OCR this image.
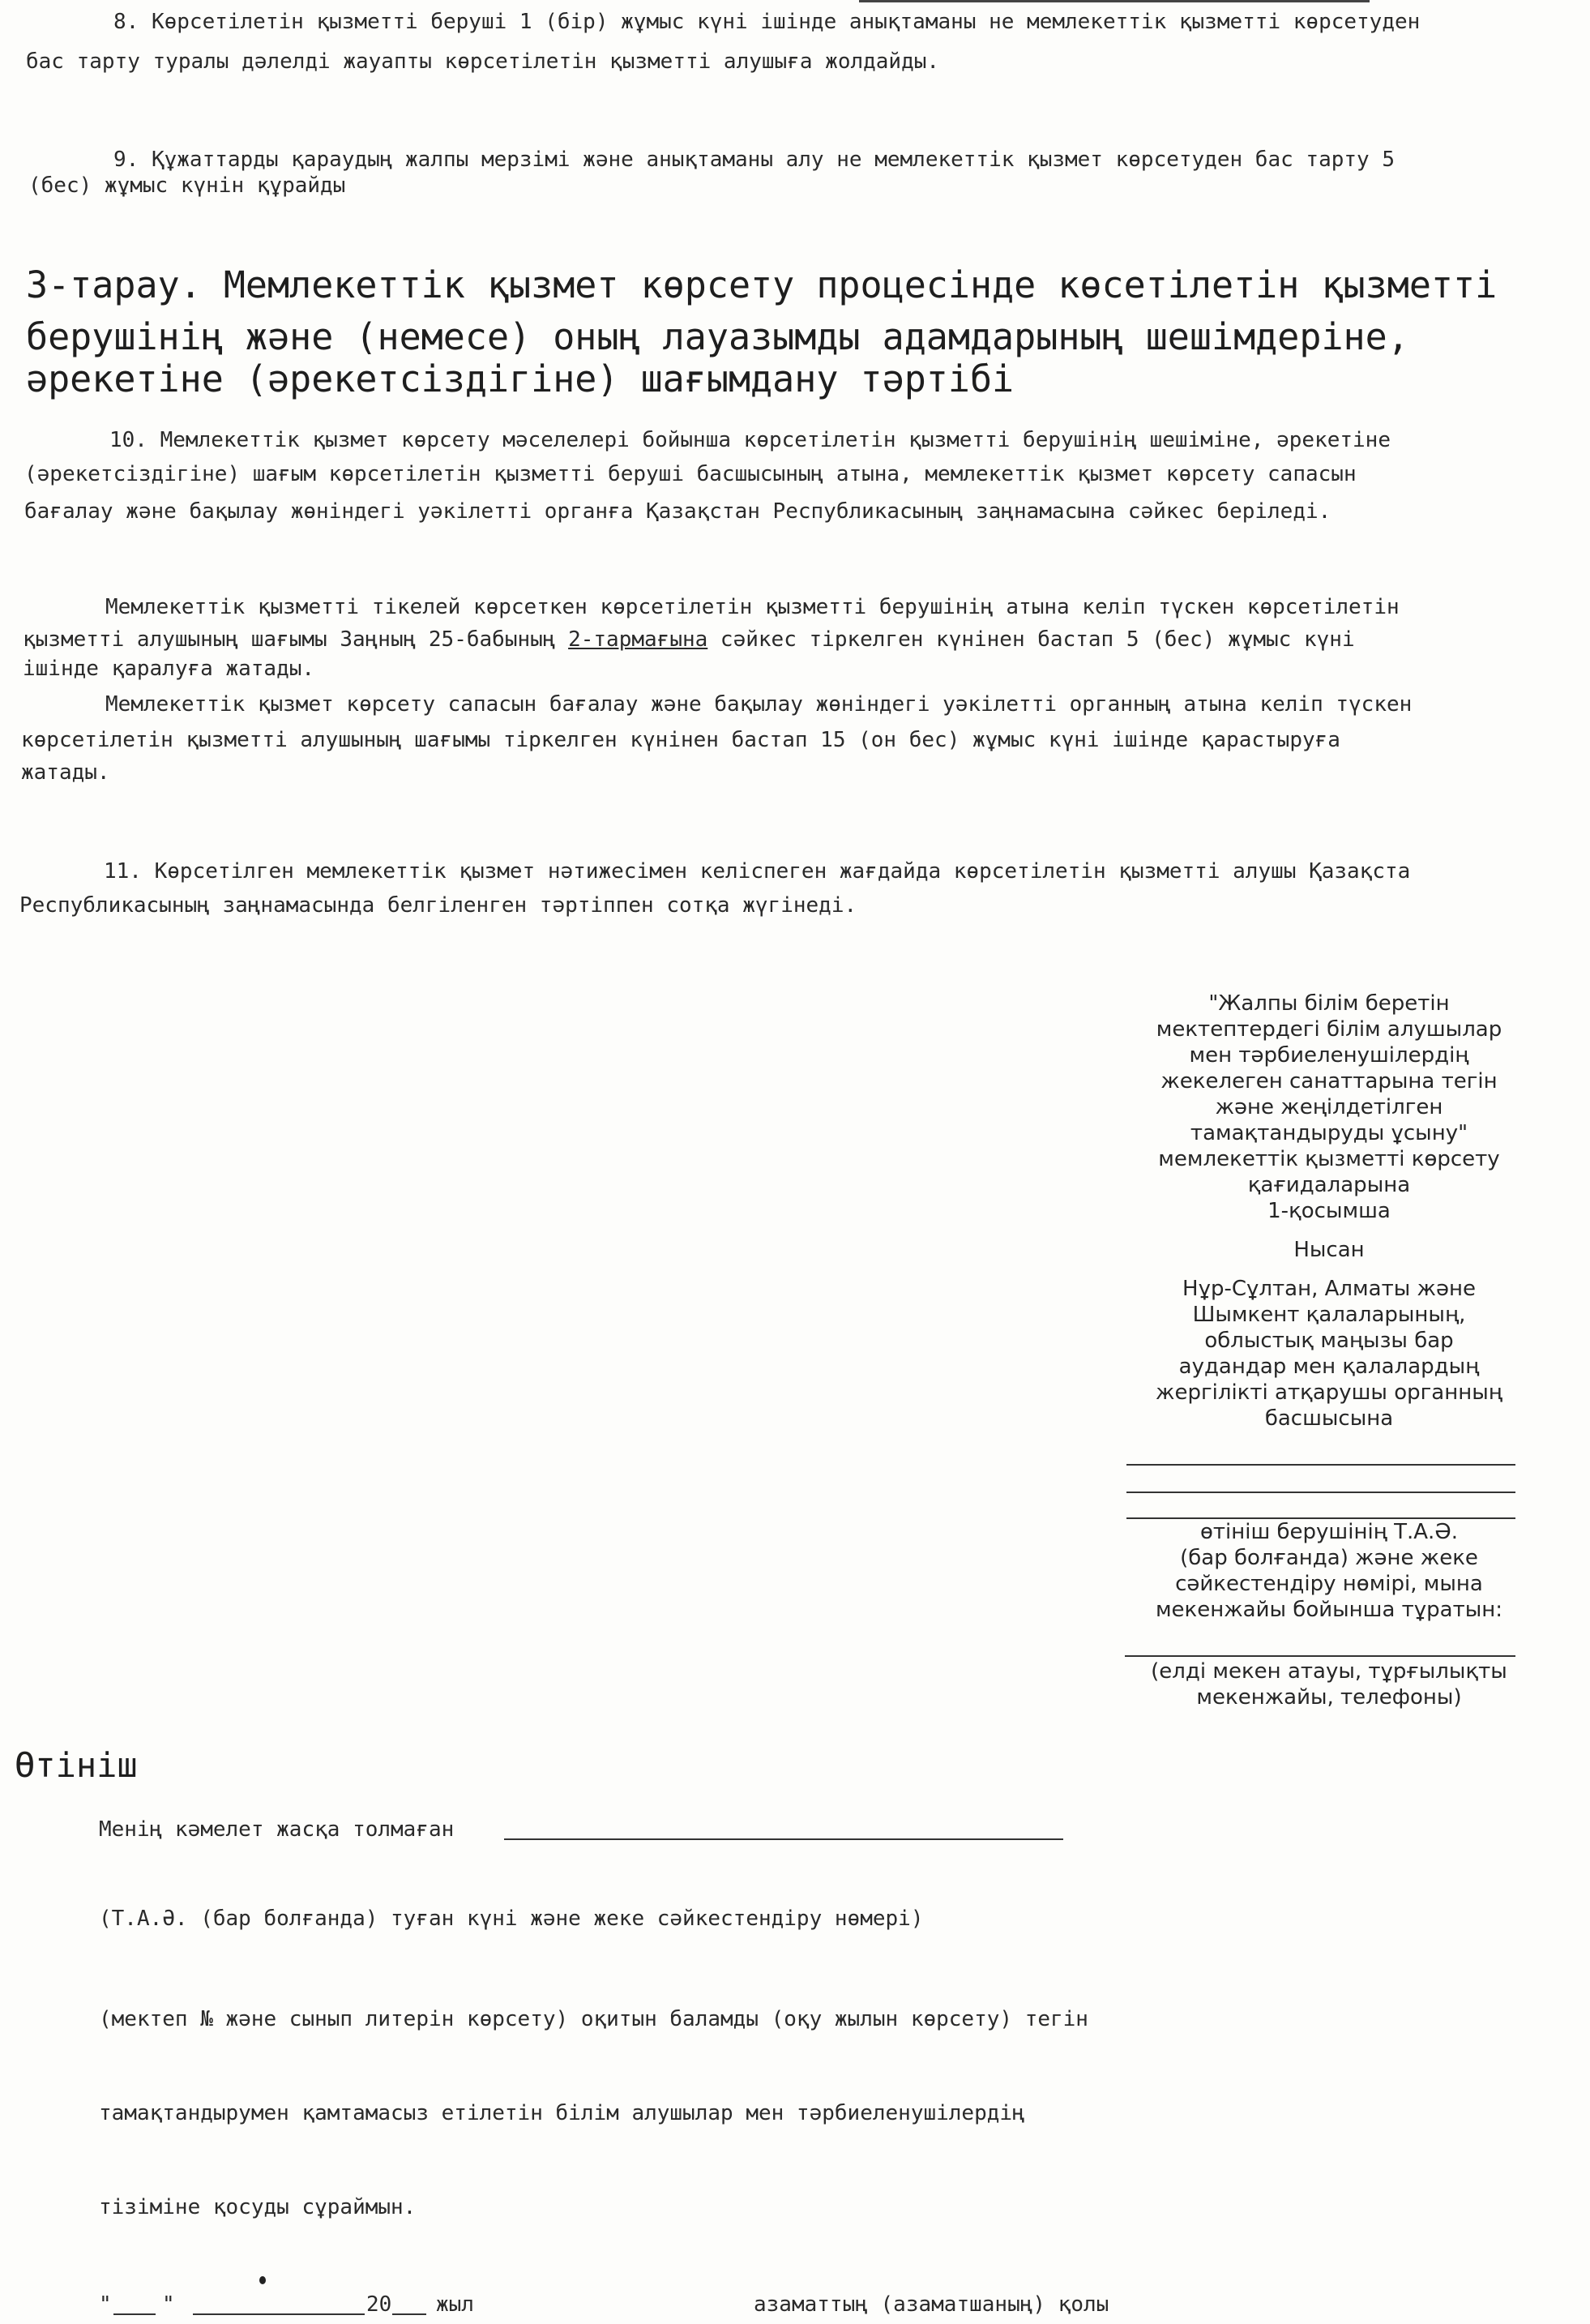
8. Көрсетілетін қызметті беруші 1 (бір) жұмыс күні ішінде анықтаманы не мемлекеттік қызметті көрсетуден
бас тарту туралы дәлелді жауапты көрсетілетін қызметті алушыға жолдайды.
9. Құжаттарды қараудың жалпы мерзімі және анықтаманы алу не мемлекеттік қызмет көрсетуден бас тарту 5
(бес) жұмыс күнін құрайды
3-тарау. Мемлекеттік қызмет көрсету процесінде көсетілетін қызметті
берушінің және (немесе) оның лауазымды адамдарының шешімдеріне,
әрекетіне (әрекетсіздігіне) шағымдану тәртібі
10. Мемлекеттік қызмет көрсету мәселелері бойынша көрсетілетін қызметті берушінің шешіміне, әрекетіне
(әрекетсіздігіне) шағым көрсетілетін қызметті беруші басшысының атына, мемлекеттік қызмет көрсету сапасын
бағалау және бақылау жөніндегі уәкілетті органға Қазақстан Республикасының заңнамасына сәйкес беріледі.
Мемлекеттік қызметті тікелей көрсеткен көрсетілетін қызметті берушінің атына келіп түскен көрсетілетін
қызметті алушының шағымы Заңның 25-бабының 2-тармағына сәйкес тіркелген күнінен бастап 5 (бес) жұмыс күні
ішінде қаралуға жатады.
Мемлекеттік қызмет көрсету сапасын бағалау және бақылау жөніндегі уәкілетті органның атына келіп түскен
көрсетілетін қызметті алушының шағымы тіркелген күнінен бастап 15 (он бес) жұмыс күні ішінде қарастыруға
жатады.
11. Көрсетілген мемлекеттік қызмет нәтижесімен келіспеген жағдайда көрсетілетін қызметті алушы Қазақста
Республикасының заңнамасында белгіленген тәртіппен сотқа жүгінеді.
"Жалпы білім беретін
мектептердегі білім алушылар
мен тәрбиеленушілердің
жекелеген санаттарына тегін
және жеңілдетілген
тамақтандыруды ұсыну"
мемлекеттік қызметті көрсету
қағидаларына
1-қосымша
Нысан
Нұр-Сұлтан, Алматы және
Шымкент қалаларының,
облыстық маңызы бар
аудандар мен қалалардың
жергілікті атқарушы органның
басшысына
өтініш берушінің Т.А.Ә.
(бар болғанда) және жеке
сәйкестендіру нөмірі, мына
мекенжайы бойынша тұратын:
(елді мекен атауы, тұрғылықты
мекенжайы, телефоны)
Өтініш
Менің кәмелет жасқа толмаған
(Т.А.Ә. (бар болғанда) туған күні және жеке сәйкестендіру нөмері)
(мектеп № және сынып литерін көрсету) оқитын баламды (оқу жылын көрсету) тегін
тамақтандырумен қамтамасыз етілетін білім алушылар мен тәрбиеленушілердің
тізіміне қосуды сұраймын.
" "	20 жыл	азаматтың (азаматшаның) қолы
